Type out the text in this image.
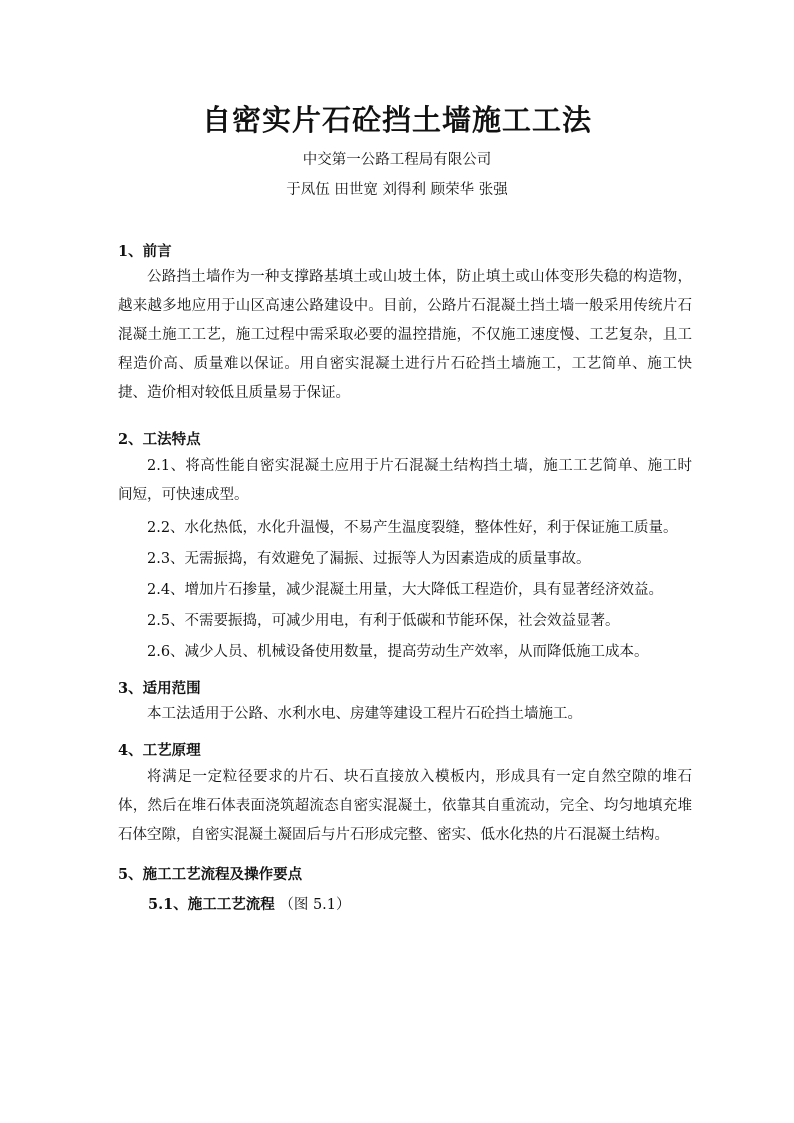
自密实片石砼挡土墙施工工法
中交第一公路工程局有限公司
于凤伍 田世宽 刘得利 顾荣华 张强
1、前言

公路挡土墙作为一种支撑路基填土或山坡土体，防止填土或山体变形失稳的构造物，越来越多地应用于山区高速公路建设中。目前，公路片石混凝土挡土墙一般采用传统片石混凝土施工工艺，施工过程中需采取必要的温控措施，不仅施工速度慢、工艺复杂，且工程造价高、质量难以保证。用自密实混凝土进行片石砼挡土墙施工，工艺简单、施工快捷、造价相对较低且质量易于保证。

2、工法特点

2.1、将高性能自密实混凝土应用于片石混凝土结构挡土墙，施工工艺简单、施工时间短，可快速成型。

2.2、水化热低，水化升温慢，不易产生温度裂缝，整体性好，利于保证施工质量。

2.3、无需振捣，有效避免了漏振、过振等人为因素造成的质量事故。

2.4、增加片石掺量，减少混凝土用量，大大降低工程造价，具有显著经济效益。

2.5、不需要振捣，可减少用电，有利于低碳和节能环保，社会效益显著。

2.6、减少人员、机械设备使用数量，提高劳动生产效率，从而降低施工成本。

3、适用范围

本工法适用于公路、水利水电、房建等建设工程片石砼挡土墙施工。

4、工艺原理

将满足一定粒径要求的片石、块石直接放入模板内，形成具有一定自然空隙的堆石体，然后在堆石体表面浇筑超流态自密实混凝土，依靠其自重流动，完全、均匀地填充堆石体空隙，自密实混凝土凝固后与片石形成完整、密实、低水化热的片石混凝土结构。

5、施工工艺流程及操作要点
5.1、施工工艺流程 （图 5.1）
